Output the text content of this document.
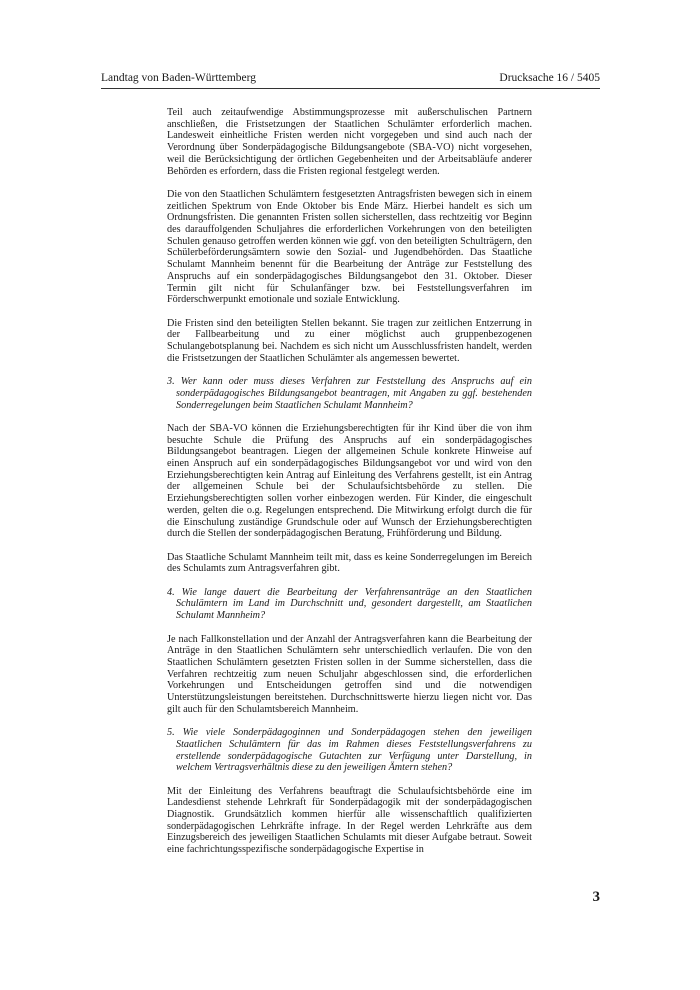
Landtag von Baden-Württemberg	Drucksache 16 / 5405

Teil auch zeitaufwendige Abstimmungsprozesse mit außerschulischen Partnern anschließen, die Fristsetzungen der Staatlichen Schulämter erforderlich machen. Landesweit einheitliche Fristen werden nicht vorgegeben und sind auch nach der Verordnung über Sonderpädagogische Bildungsangebote (SBA-VO) nicht vorgesehen, weil die Berücksichtigung der örtlichen Gegebenheiten und der Arbeitsabläufe anderer Behörden es erfordern, dass die Fristen regional festgelegt werden.

Die von den Staatlichen Schulämtern festgesetzten Antragsfristen bewegen sich in einem zeitlichen Spektrum von Ende Oktober bis Ende März. Hierbei handelt es sich um Ordnungsfristen. Die genannten Fristen sollen sicherstellen, dass rechtzeitig vor Beginn des darauffolgenden Schuljahres die erforderlichen Vorkehrungen von den beteiligten Schulen genauso getroffen werden können wie ggf. von den beteiligten Schulträgern, den Schülerbeförderungsämtern sowie den Sozial- und Jugendbehörden. Das Staatliche Schulamt Mannheim benennt für die Bearbeitung der Anträge zur Feststellung des Anspruchs auf ein sonderpädagogisches Bildungsangebot den 31. Oktober. Dieser Termin gilt nicht für Schulanfänger bzw. bei Feststellungsverfahren im Förderschwerpunkt emotionale und soziale Entwicklung.

Die Fristen sind den beteiligten Stellen bekannt. Sie tragen zur zeitlichen Entzerrung in der Fallbearbeitung und zu einer möglichst auch gruppenbezogenen Schulangebotsplanung bei. Nachdem es sich nicht um Ausschlussfristen handelt, werden die Fristsetzungen der Staatlichen Schulämter als angemessen bewertet.

3. Wer kann oder muss dieses Verfahren zur Feststellung des Anspruchs auf ein sonderpädagogisches Bildungsangebot beantragen, mit Angaben zu ggf. bestehenden Sonderregelungen beim Staatlichen Schulamt Mannheim?

Nach der SBA-VO können die Erziehungsberechtigten für ihr Kind über die von ihm besuchte Schule die Prüfung des Anspruchs auf ein sonderpädagogisches Bildungsangebot beantragen. Liegen der allgemeinen Schule konkrete Hinweise auf einen Anspruch auf ein sonderpädagogisches Bildungsangebot vor und wird von den Erziehungsberechtigten kein Antrag auf Einleitung des Verfahrens gestellt, ist ein Antrag der allgemeinen Schule bei der Schulaufsichtsbehörde zu stellen. Die Erziehungsberechtigten sollen vorher einbezogen werden. Für Kinder, die eingeschult werden, gelten die o.g. Regelungen entsprechend. Die Mitwirkung erfolgt durch die für die Einschulung zuständige Grundschule oder auf Wunsch der Erziehungsberechtigten durch die Stellen der sonderpädagogischen Beratung, Frühförderung und Bildung.

Das Staatliche Schulamt Mannheim teilt mit, dass es keine Sonderregelungen im Bereich des Schulamts zum Antragsverfahren gibt.

4. Wie lange dauert die Bearbeitung der Verfahrensanträge an den Staatlichen Schulämtern im Land im Durchschnitt und, gesondert dargestellt, am Staatlichen Schulamt Mannheim?

Je nach Fallkonstellation und der Anzahl der Antragsverfahren kann die Bearbeitung der Anträge in den Staatlichen Schulämtern sehr unterschiedlich verlaufen. Die von den Staatlichen Schulämtern gesetzten Fristen sollen in der Summe sicherstellen, dass die Verfahren rechtzeitig zum neuen Schuljahr abgeschlossen sind, die erforderlichen Vorkehrungen und Entscheidungen getroffen sind und die notwendigen Unterstützungsleistungen bereitstehen. Durchschnittswerte hierzu liegen nicht vor. Das gilt auch für den Schulamtsbereich Mannheim.

5. Wie viele Sonderpädagoginnen und Sonderpädagogen stehen den jeweiligen Staatlichen Schulämtern für das im Rahmen dieses Feststellungsverfahrens zu erstellende sonderpädagogische Gutachten zur Verfügung unter Darstellung, in welchem Vertragsverhältnis diese zu den jeweiligen Ämtern stehen?

Mit der Einleitung des Verfahrens beauftragt die Schulaufsichtsbehörde eine im Landesdienst stehende Lehrkraft für Sonderpädagogik mit der sonderpädagogischen Diagnostik. Grundsätzlich kommen hierfür alle wissenschaftlich qualifizierten sonderpädagogischen Lehrkräfte infrage. In der Regel werden Lehrkräfte aus dem Einzugsbereich des jeweiligen Staatlichen Schulamts mit dieser Aufgabe betraut. Soweit eine fachrichtungsspezifische sonderpädagogische Expertise in

3
